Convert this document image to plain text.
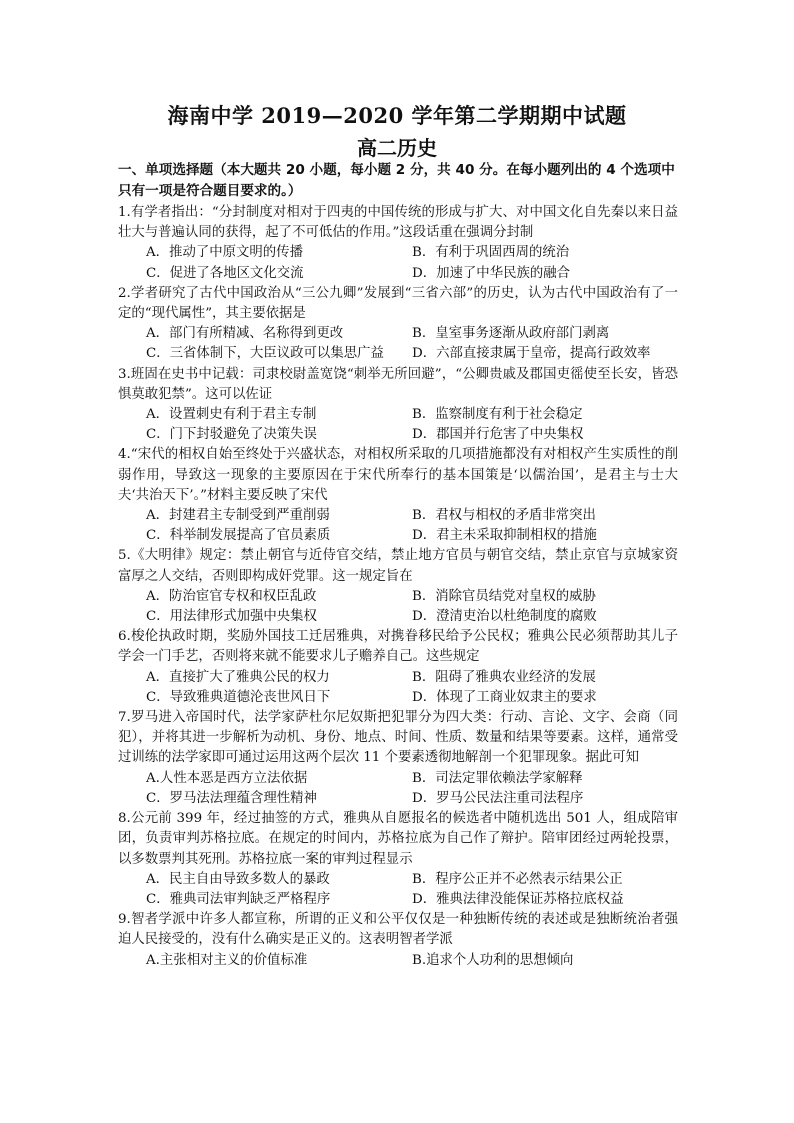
海南中学 2019—2020 学年第二学期期中试题
高二历史
一、单项选择题（本大题共 20 小题，每小题 2 分，共 40 分。在每小题列出的 4 个选项中只有一项是符合题目要求的。）
1.有学者指出：“分封制度对相对于四夷的中国传统的形成与扩大、对中国文化自先秦以来日益壮大与普遍认同的获得，起了不可低估的作用。”这段话重在强调分封制
A．推动了中原文明的传播	B．有利于巩固西周的统治
C．促进了各地区文化交流	D．加速了中华民族的融合
2.学者研究了古代中国政治从“三公九卿”发展到“三省六部”的历史，认为古代中国政治有了一定的“现代属性”，其主要依据是
A．部门有所精减、名称得到更改	B．皇室事务逐渐从政府部门剥离
C．三省体制下，大臣议政可以集思广益	D．六部直接隶属于皇帝，提高行政效率
3.班固在史书中记载：司隶校尉盖宽饶“刺举无所回避”，“公卿贵戚及郡国吏徭使至长安，皆恐惧莫敢犯禁”。这可以佐证
A．设置刺史有利于君主专制	B．监察制度有利于社会稳定
C．门下封驳避免了决策失误	D．郡国并行危害了中央集权
4.“宋代的相权自始至终处于兴盛状态，对相权所采取的几项措施都没有对相权产生实质性的削弱作用，导致这一现象的主要原因在于宋代所奉行的基本国策是‘以儒治国’，是君主与士大夫‘共治天下’。”材料主要反映了宋代
A．封建君主专制受到严重削弱	B．君权与相权的矛盾非常突出
C．科举制发展提高了官员素质	D．君主未采取抑制相权的措施
5.《大明律》规定：禁止朝官与近侍官交结，禁止地方官员与朝官交结，禁止京官与京城家资富厚之人交结，否则即构成奸党罪。这一规定旨在
A．防治宦官专权和权臣乱政	B．消除官员结党对皇权的威胁
C．用法律形式加强中央集权	D．澄清吏治以杜绝制度的腐败
6.梭伦执政时期，奖励外国技工迁居雅典，对携眷移民给予公民权；雅典公民必须帮助其儿子学会一门手艺，否则将来就不能要求儿子赡养自己。这些规定
A．直接扩大了雅典公民的权力	B．阻碍了雅典农业经济的发展
C．导致雅典道德沦丧世风日下	D．体现了工商业奴隶主的要求
7.罗马进入帝国时代，法学家萨杜尔尼奴斯把犯罪分为四大类：行动、言论、文字、会商（同犯），并将其进一步解析为动机、身份、地点、时间、性质、数量和结果等要素。这样，通常受过训练的法学家即可通过运用这两个层次 11 个要素透彻地解剖一个犯罪现象。据此可知
A.人性本恶是西方立法依据	B．司法定罪依赖法学家解释
C．罗马法法理蕴含理性精神	D．罗马公民法注重司法程序
8.公元前 399 年，经过抽签的方式，雅典从自愿报名的候选者中随机选出 501 人，组成陪审团，负责审判苏格拉底。在规定的时间内，苏格拉底为自己作了辩护。陪审团经过两轮投票，以多数票判其死刑。苏格拉底一案的审判过程显示
A．民主自由导致多数人的暴政	B．程序公正并不必然表示结果公正
C．雅典司法审判缺乏严格程序	D．雅典法律没能保证苏格拉底权益
9.智者学派中许多人都宣称，所谓的正义和公平仅仅是一种独断传统的表述或是独断统治者强迫人民接受的，没有什么确实是正义的。这表明智者学派
A.主张相对主义的价值标准	B.追求个人功利的思想倾向
